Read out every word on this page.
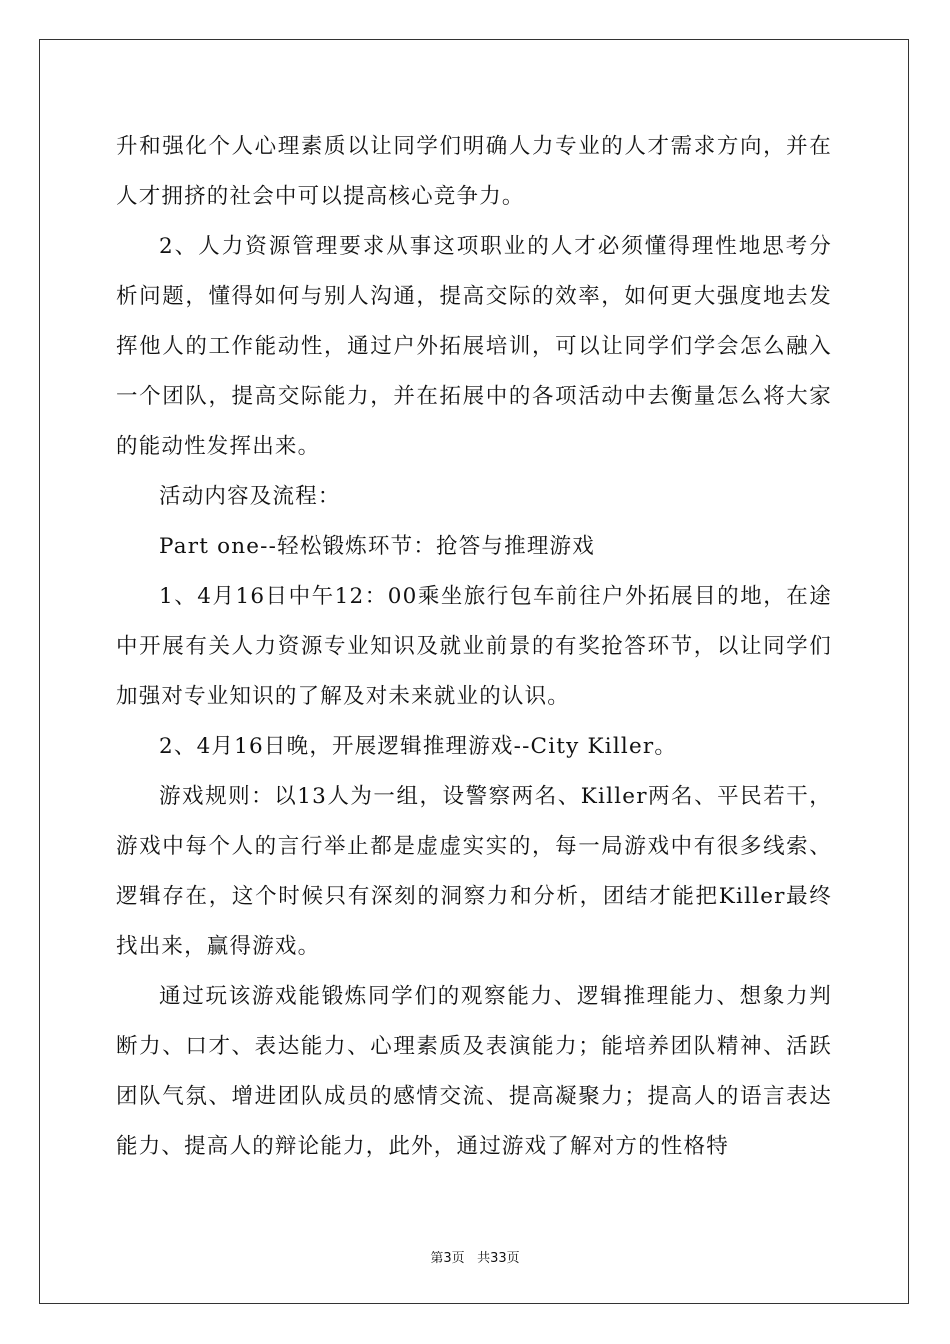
升和强化个人心理素质以让同学们明确人力专业的人才需求方向，并在人才拥挤的社会中可以提高核心竞争力。

2、人力资源管理要求从事这项职业的人才必须懂得理性地思考分析问题，懂得如何与别人沟通，提高交际的效率，如何更大强度地去发挥他人的工作能动性，通过户外拓展培训，可以让同学们学会怎么融入一个团队，提高交际能力，并在拓展中的各项活动中去衡量怎么将大家的能动性发挥出来。

活动内容及流程：

Part one--轻松锻炼环节：抢答与推理游戏

1、4月16日中午12：00乘坐旅行包车前往户外拓展目的地，在途中开展有关人力资源专业知识及就业前景的有奖抢答环节，以让同学们加强对专业知识的了解及对未来就业的认识。

2、4月16日晚，开展逻辑推理游戏--City Killer。

游戏规则：以13人为一组，设警察两名、Killer两名、平民若干，游戏中每个人的言行举止都是虚虚实实的，每一局游戏中有很多线索、逻辑存在，这个时候只有深刻的洞察力和分析，团结才能把Killer最终找出来，赢得游戏。

通过玩该游戏能锻炼同学们的观察能力、逻辑推理能力、想象力判断力、口才、表达能力、心理素质及表演能力；能培养团队精神、活跃团队气氛、增进团队成员的感情交流、提高凝聚力；提高人的语言表达能力、提高人的辩论能力，此外，通过游戏了解对方的性格特

第3页 共33页
